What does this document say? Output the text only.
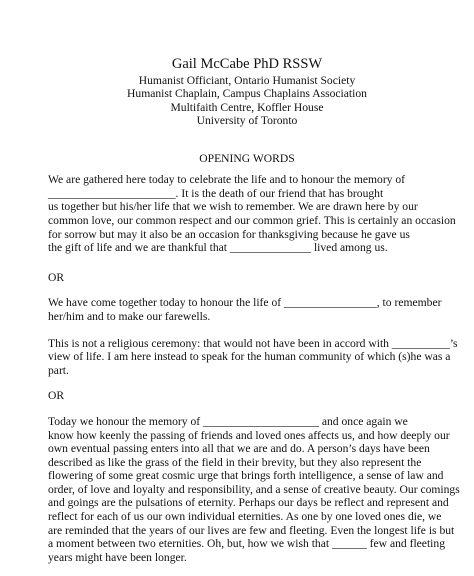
Gail McCabe PhD RSSW
Humanist Officiant, Ontario Humanist Society
Humanist Chaplain, Campus Chaplains Association
Multifaith Centre, Koffler House
University of Toronto
OPENING WORDS
We are gathered here today to celebrate the life and to honour the memory of
______________________. It is the death of our friend that has brought
us together but his/her life that we wish to remember. We are drawn here by our
common love, our common respect and our common grief. This is certainly an occasion
for sorrow but may it also be an occasion for thanksgiving because he gave us
the gift of life and we are thankful that ______________ lived among us.
OR
We have come together today to honour the life of ________________, to remember
her/him and to make our farewells.
This is not a religious ceremony: that would not have been in accord with __________’s
view of life. I am here instead to speak for the human community of which (s)he was a
part.
OR
Today we honour the memory of ____________________ and once again we
know how keenly the passing of friends and loved ones affects us, and how deeply our
own eventual passing enters into all that we are and do. A person’s days have been
described as like the grass of the field in their brevity, but they also represent the
flowering of some great cosmic urge that brings forth intelligence, a sense of law and
order, of love and loyalty and responsibility, and a sense of creative beauty. Our comings
and goings are the pulsations of eternity. Perhaps our days be reflect and represent and
reflect for each of us our own individual eternities. As one by one loved ones die, we
are reminded that the years of our lives are few and fleeting. Even the longest life is but
a moment between two eternities. Oh, but, how we wish that ______ few and fleeting
years might have been longer.
